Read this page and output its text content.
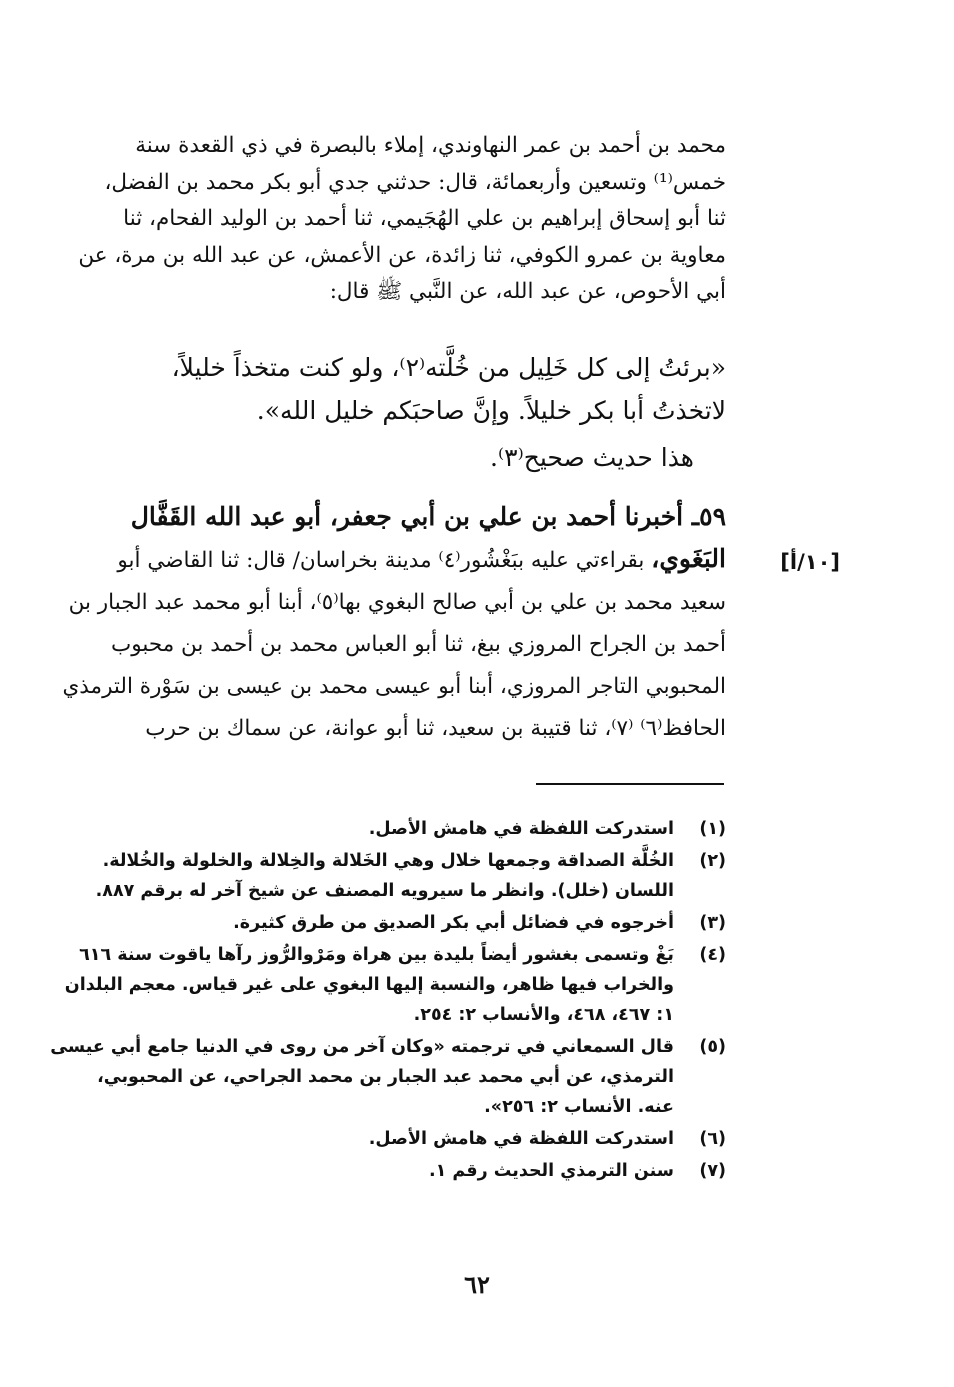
محمد بن أحمد بن عمر النهاوندي، إملاء بالبصرة في ذي القعدة سنة
خمس⁽¹⁾ وتسعين وأربعمائة، قال: حدثني جدي أبو بكر محمد بن الفضل،
ثنا أبو إسحاق إبراهيم بن علي الهُجَيمي، ثنا أحمد بن الوليد الفحام، ثنا
معاوية بن عمرو الكوفي، ثنا زائدة، عن الأعمش، عن عبد الله بن مرة، عن
أبي الأحوص، عن عبد الله، عن النَّبي ﷺ قال:
«برئتُ إلى كل خَلِيل من خُلَّته⁽٢⁾، ولو كنت متخذاً خليلاً،
لاتخذتُ أبا بكر خليلاً. وإنَّ صاحبَكم خليل الله».
هذا حديث صحيح⁽٣⁾.
٥٩ـ أخبرنا أحمد بن علي بن أبي جعفر، أبو عبد الله القَفَّال
البَغَوي، بقراءتي عليه ببَغْشُور⁽٤⁾ مدينة بخراسان/ قال: ثنا القاضي أبو
سعيد محمد بن علي بن أبي صالح البغوي بها⁽٥⁾، أبنا أبو محمد عبد الجبار بن
أحمد بن الجراح المروزي ببغ، ثنا أبو العباس محمد بن أحمد بن محبوب
المحبوبي التاجر المروزي، أبنا أبو عيسى محمد بن عيسى بن سَوْرة الترمذي
الحافظ⁽٦⁾ ⁽٧⁾، ثنا قتيبة بن سعيد، ثنا أبو عوانة، عن سماك بن حرب
[١٠/أ]
(١)
استدركت اللفظة في هامش الأصل.
(٢)
الخُلَّة الصداقة وجمعها خلال وهي الخَلالة والخِلالة والخلولة والخُلالة.
اللسان (خلل). وانظر ما سيرويه المصنف عن شيخ آخر له برقم ٨٨٧.
(٣)
أخرجوه في فضائل أبي بكر الصديق من طرق كثيرة.
(٤)
بَغْ وتسمى بغشور أيضاً بليدة بين هراة ومَرْوالرُّوز رآها ياقوت سنة ٦١٦
والخراب فيها ظاهر، والنسبة إليها البغوي على غير قياس. معجم البلدان
١: ٤٦٧، ٤٦٨، والأنساب ٢: ٢٥٤.
(٥)
قال السمعاني في ترجمته «وكان آخر من روى في الدنيا جامع أبي عيسى
الترمذي، عن أبي محمد عبد الجبار بن محمد الجراحي، عن المحبوبي،
عنه. الأنساب ٢: ٢٥٦».
(٦)
استدركت اللفظة في هامش الأصل.
(٧)
سنن الترمذي الحديث رقم ١.
٦٢
